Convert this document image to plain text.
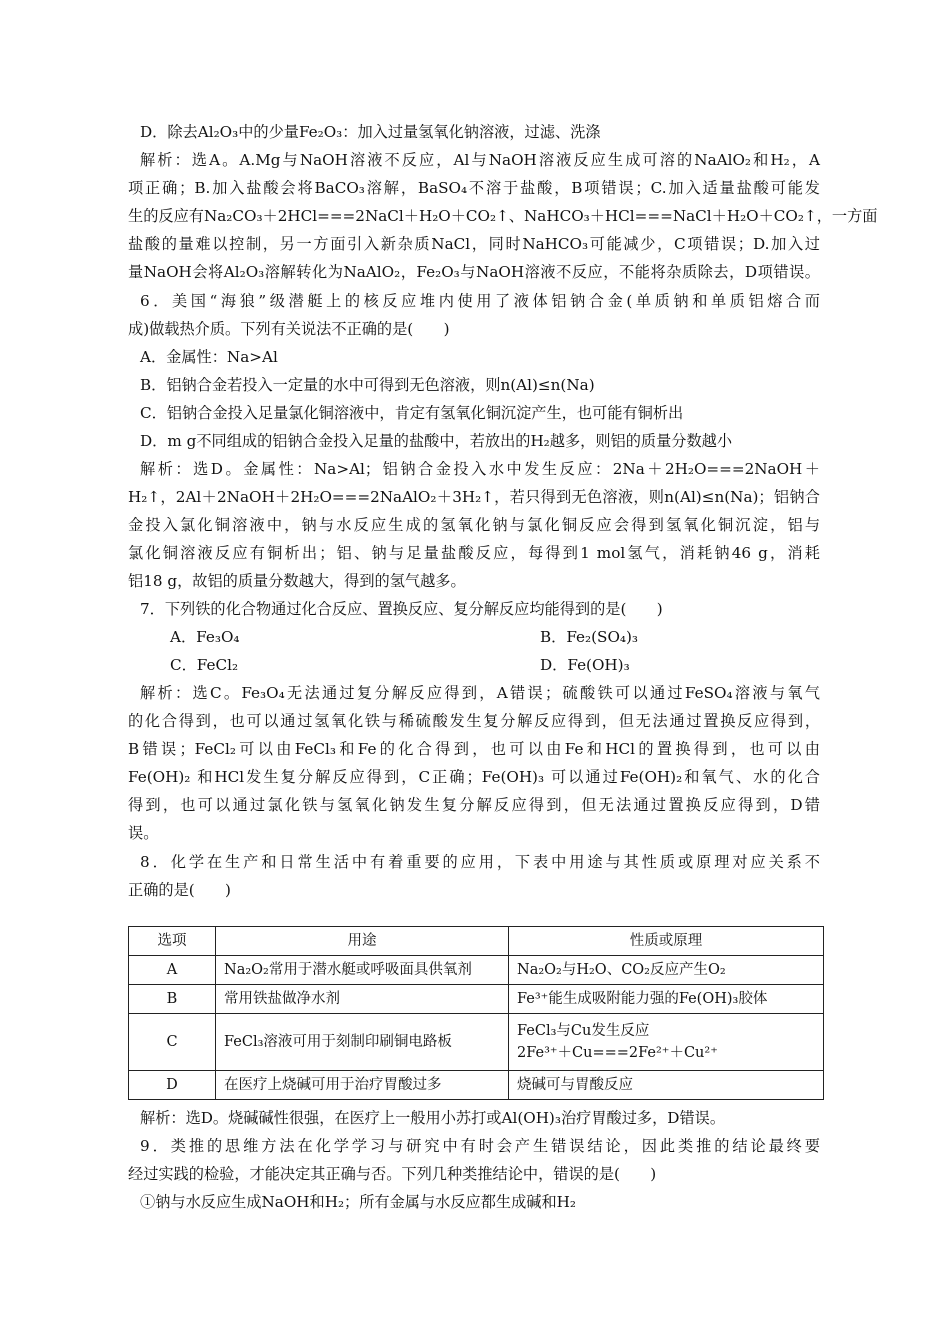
D．除去Al₂O₃中的少量Fe₂O₃：加入过量氢氧化钠溶液，过滤、洗涤
解析：选A。A.Mg与NaOH溶液不反应，Al与NaOH溶液反应生成可溶的NaAlO₂和H₂，A
项正确；B.加入盐酸会将BaCO₃溶解，BaSO₄不溶于盐酸，B项错误；C.加入适量盐酸可能发
生的反应有Na₂CO₃＋2HCl===2NaCl＋H₂O＋CO₂↑、NaHCO₃＋HCl===NaCl＋H₂O＋CO₂↑，一方面
盐酸的量难以控制，另一方面引入新杂质NaCl，同时NaHCO₃可能减少，C项错误；D.加入过
量NaOH会将Al₂O₃溶解转化为NaAlO₂，Fe₂O₃与NaOH溶液不反应，不能将杂质除去，D项错误。
6．美国“海狼”级潜艇上的核反应堆内使用了液体铝钠合金(单质钠和单质铝熔合而
成)做载热介质。下列有关说法不正确的是(　　)
A．金属性：Na>Al
B．铝钠合金若投入一定量的水中可得到无色溶液，则n(Al)≤n(Na)
C．铝钠合金投入足量氯化铜溶液中，肯定有氢氧化铜沉淀产生，也可能有铜析出
D．m g不同组成的铝钠合金投入足量的盐酸中，若放出的H₂越多，则铝的质量分数越小
解析：选D。金属性：Na>Al；铝钠合金投入水中发生反应：2Na＋2H₂O===2NaOH＋
H₂↑，2Al＋2NaOH＋2H₂O===2NaAlO₂＋3H₂↑，若只得到无色溶液，则n(Al)≤n(Na)；铝钠合
金投入氯化铜溶液中，钠与水反应生成的氢氧化钠与氯化铜反应会得到氢氧化铜沉淀，铝与
氯化铜溶液反应有铜析出；铝、钠与足量盐酸反应，每得到1 mol氢气，消耗钠46 g，消耗
铝18 g，故铝的质量分数越大，得到的氢气越多。
7．下列铁的化合物通过化合反应、置换反应、复分解反应均能得到的是(　　)
A．Fe₃O₄	B．Fe₂(SO₄)₃
C．FeCl₂	D．Fe(OH)₃
解析：选C。Fe₃O₄无法通过复分解反应得到，A错误；硫酸铁可以通过FeSO₄溶液与氧气
的化合得到，也可以通过氢氧化铁与稀硫酸发生复分解反应得到，但无法通过置换反应得到，
B错误；FeCl₂可以由FeCl₃和Fe的化合得到，也可以由Fe和HCl的置换得到，也可以由
Fe(OH)₂ 和HCl发生复分解反应得到，C正确；Fe(OH)₃ 可以通过Fe(OH)₂和氧气、水的化合
得到，也可以通过氯化铁与氢氧化钠发生复分解反应得到，但无法通过置换反应得到，D错
误。
8．化学在生产和日常生活中有着重要的应用，下表中用途与其性质或原理对应关系不
正确的是(　　)
选项	用途	性质或原理
A	Na₂O₂常用于潜水艇或呼吸面具供氧剂	Na₂O₂与H₂O、CO₂反应产生O₂
B	常用铁盐做净水剂	Fe³⁺能生成吸附能力强的Fe(OH)₃胶体
C	FeCl₃溶液可用于刻制印刷铜电路板	FeCl₃与Cu发生反应
2Fe³⁺＋Cu===2Fe²⁺＋Cu²⁺

D	在医疗上烧碱可用于治疗胃酸过多	烧碱可与胃酸反应
解析：选D。烧碱碱性很强，在医疗上一般用小苏打或Al(OH)₃治疗胃酸过多，D错误。
9．类推的思维方法在化学学习与研究中有时会产生错误结论，因此类推的结论最终要
经过实践的检验，才能决定其正确与否。下列几种类推结论中，错误的是(　　)
①钠与水反应生成NaOH和H₂；所有金属与水反应都生成碱和H₂
